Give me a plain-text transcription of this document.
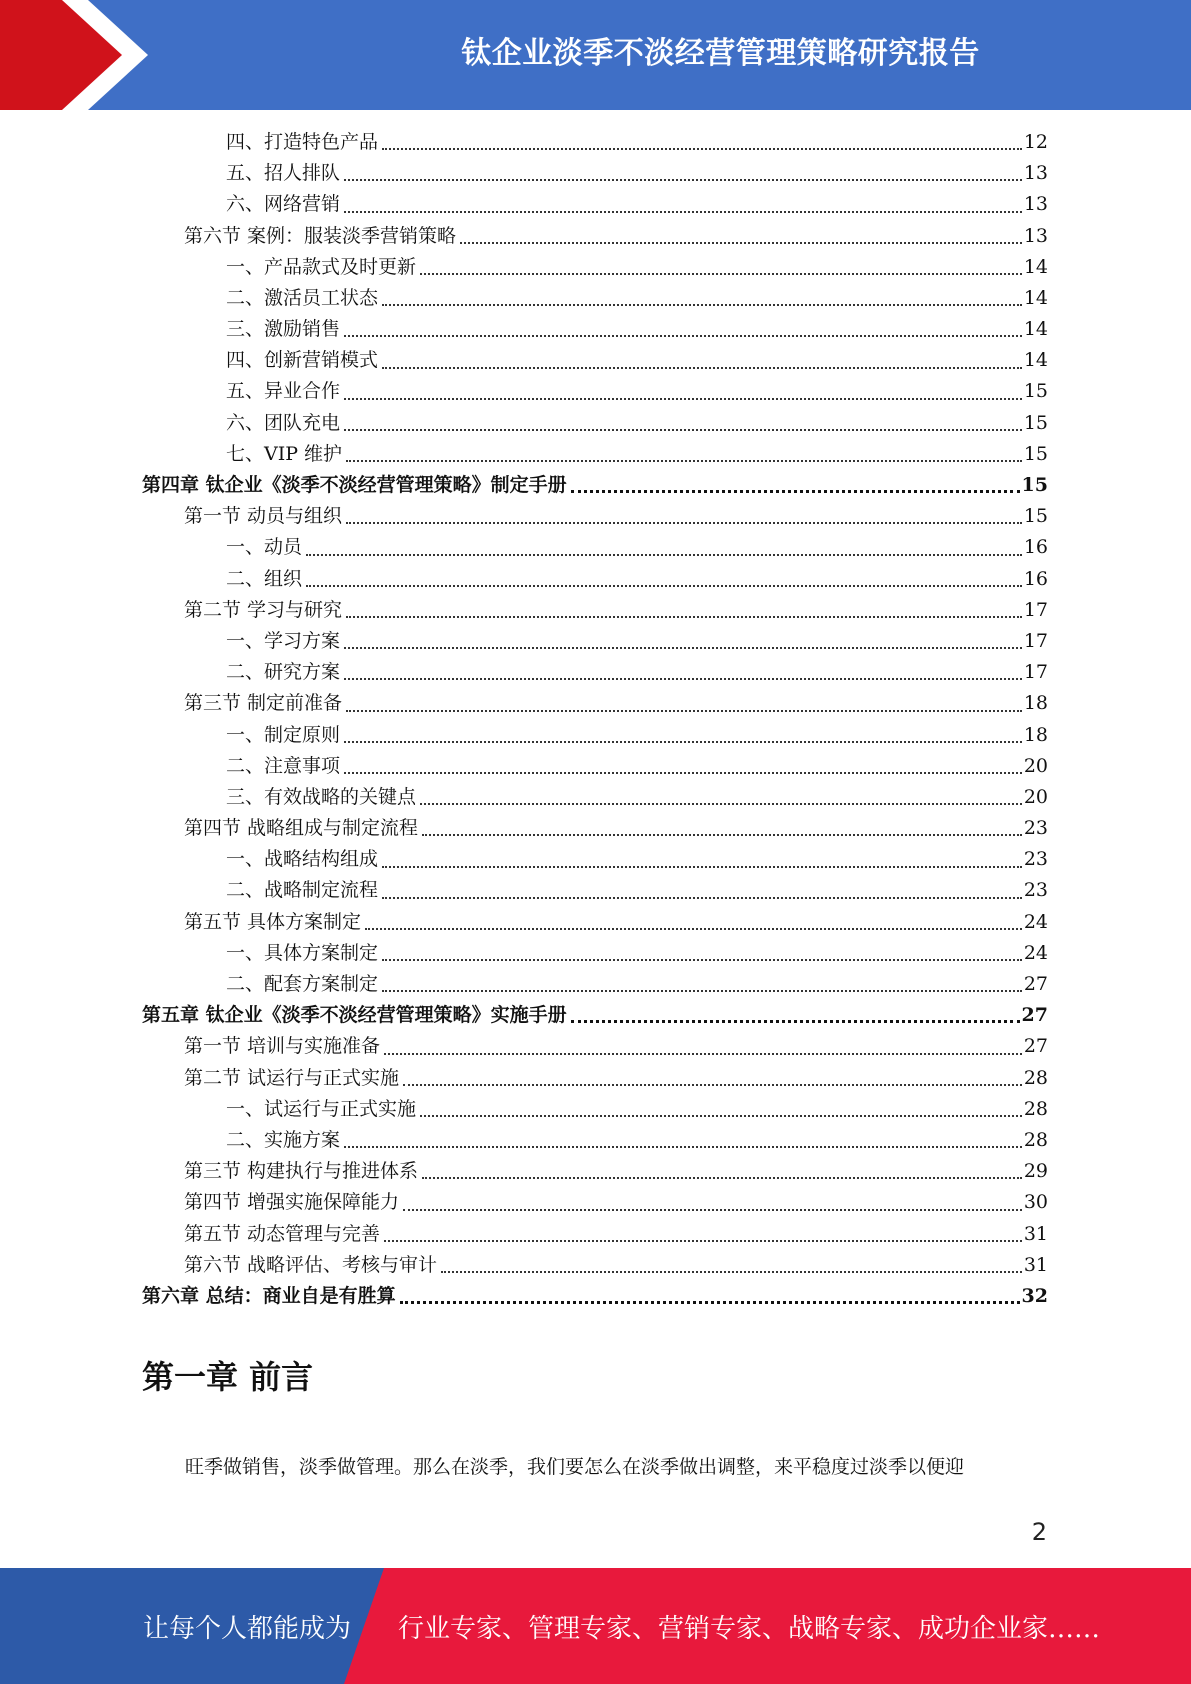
钛企业淡季不淡经营管理策略研究报告
四、打造特色产品	12
五、招人排队	13
六、网络营销	13
第六节 案例：服装淡季营销策略	13
一、产品款式及时更新	14
二、激活员工状态	14
三、激励销售	14
四、创新营销模式	14
五、异业合作	15
六、团队充电	15
七、VIP 维护	15
第四章 钛企业《淡季不淡经营管理策略》制定手册	15
第一节 动员与组织	15
一、动员	16
二、组织	16
第二节 学习与研究	17
一、学习方案	17
二、研究方案	17
第三节 制定前准备	18
一、制定原则	18
二、注意事项	20
三、有效战略的关键点	20
第四节 战略组成与制定流程	23
一、战略结构组成	23
二、战略制定流程	23
第五节 具体方案制定	24
一、具体方案制定	24
二、配套方案制定	27
第五章 钛企业《淡季不淡经营管理策略》实施手册	27
第一节 培训与实施准备	27
第二节 试运行与正式实施	28
一、试运行与正式实施	28
二、实施方案	28
第三节 构建执行与推进体系	29
第四节 增强实施保障能力	30
第五节 动态管理与完善	31
第六节 战略评估、考核与审计	31
第六章 总结：商业自是有胜算	32
第一章 前言
旺季做销售，淡季做管理。那么在淡季，我们要怎么在淡季做出调整，来平稳度过淡季以便迎
2
让每个人都能成为 行业专家、管理专家、营销专家、战略专家、成功企业家……
